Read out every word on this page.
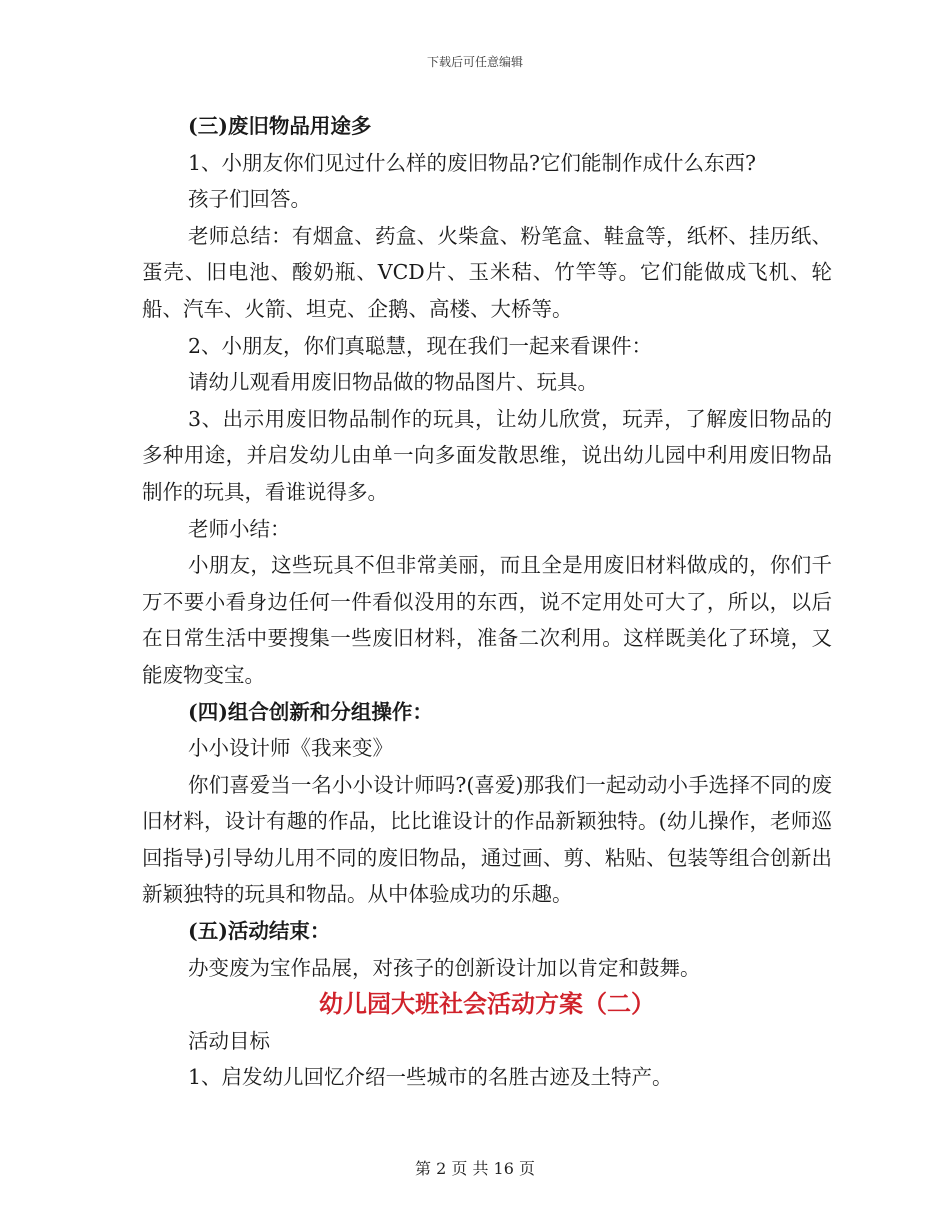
下载后可任意编辑

(三)废旧物品用途多

1、小朋友你们见过什么样的废旧物品?它们能制作成什么东西?

孩子们回答。

老师总结：有烟盒、药盒、火柴盒、粉笔盒、鞋盒等，纸杯、挂历纸、蛋壳、旧电池、酸奶瓶、VCD片、玉米秸、竹竿等。它们能做成飞机、轮船、汽车、火箭、坦克、企鹅、高楼、大桥等。

2、小朋友，你们真聪慧，现在我们一起来看课件：

请幼儿观看用废旧物品做的物品图片、玩具。

3、出示用废旧物品制作的玩具，让幼儿欣赏，玩弄，了解废旧物品的多种用途，并启发幼儿由单一向多面发散思维，说出幼儿园中利用废旧物品制作的玩具，看谁说得多。

老师小结：

小朋友，这些玩具不但非常美丽，而且全是用废旧材料做成的，你们千万不要小看身边任何一件看似没用的东西，说不定用处可大了，所以，以后在日常生活中要搜集一些废旧材料，准备二次利用。这样既美化了环境，又能废物变宝。

(四)组合创新和分组操作：

小小设计师《我来变》

你们喜爱当一名小小设计师吗?(喜爱)那我们一起动动小手选择不同的废旧材料，设计有趣的作品，比比谁设计的作品新颖独特。(幼儿操作，老师巡回指导)引导幼儿用不同的废旧物品，通过画、剪、粘贴、包装等组合创新出新颖独特的玩具和物品。从中体验成功的乐趣。

(五)活动结束：

办变废为宝作品展，对孩子的创新设计加以肯定和鼓舞。

幼儿园大班社会活动方案（二）

活动目标

1、启发幼儿回忆介绍一些城市的名胜古迹及土特产。

第 2 页 共 16 页
